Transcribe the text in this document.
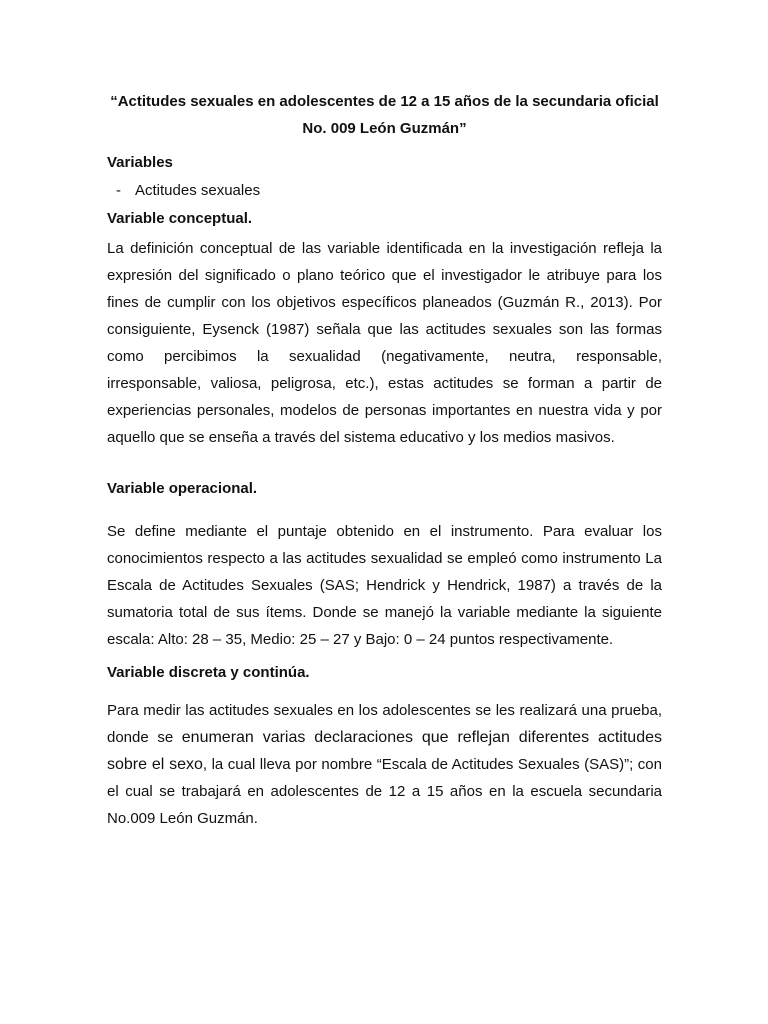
“Actitudes sexuales en adolescentes de 12 a 15 años de la secundaria oficial
No. 009 León Guzmán”

Variables

- Actitudes sexuales

Variable conceptual.

La definición conceptual de las variable identificada en la investigación refleja la expresión del significado o plano teórico que el investigador le atribuye para los fines de cumplir con los objetivos específicos planeados (Guzmán R., 2013). Por consiguiente, Eysenck (1987) señala que las actitudes sexuales son las formas como percibimos la sexualidad (negativamente, neutra, responsable, irresponsable, valiosa, peligrosa, etc.), estas actitudes se forman a partir de experiencias personales, modelos de personas importantes en nuestra vida y por aquello que se enseña a través del sistema educativo y los medios masivos.

Variable operacional.

Se define mediante el puntaje obtenido en el instrumento. Para evaluar los conocimientos respecto a las actitudes sexualidad se empleó como instrumento La Escala de Actitudes Sexuales (SAS; Hendrick y Hendrick, 1987) a través de la sumatoria total de sus ítems. Donde se manejó la variable mediante la siguiente escala: Alto: 28 – 35, Medio: 25 – 27 y Bajo: 0 – 24 puntos respectivamente.

Variable discreta y continúa.

Para medir las actitudes sexuales en los adolescentes se les realizará una prueba, donde se enumeran varias declaraciones que reflejan diferentes actitudes sobre el sexo, la cual lleva por nombre “Escala de Actitudes Sexuales (SAS)”; con el cual se trabajará en adolescentes de 12 a 15 años en la escuela secundaria No.009 León Guzmán.
